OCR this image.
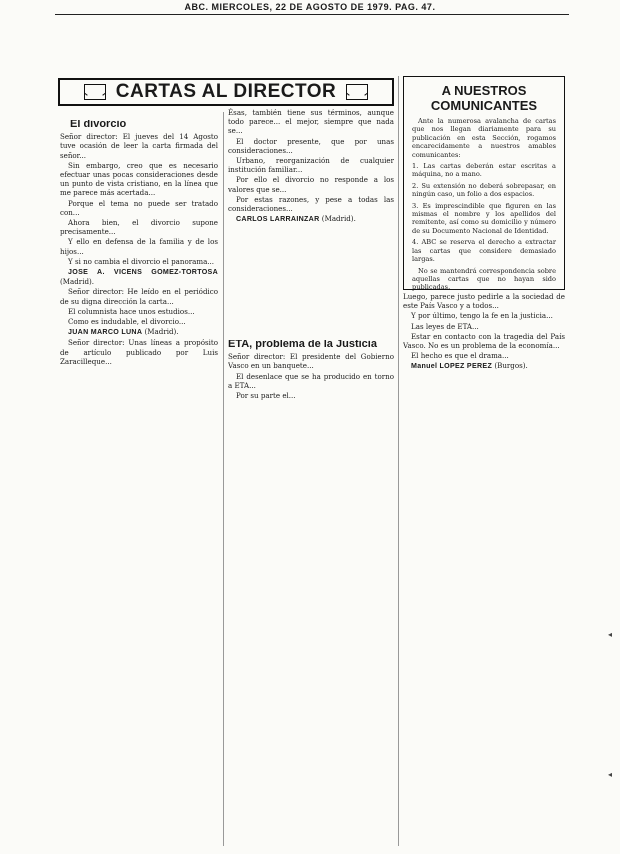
ABC. MIERCOLES, 22 DE AGOSTO DE 1979. PAG. 47.
CARTAS AL DIRECTOR
El divorcio

Señor director: El jueves del 14 Agosto tuve ocasión de leer la carta firmada del señor...

Sin embargo, creo que es necesario efectuar unas pocas consideraciones desde un punto de vista cristiano, en la línea que me parece más acertada...

Porque el tema no puede ser tratado con...

Ahora bien, el divorcio supone precisamente...

Y ello en defensa de la familia y de los hijos...

Y si no cambia el divorcio el panorama...

JOSE A. VICENS GOMEZ-TORTOSA (Madrid).

Señor director: He leído en el periódico de su digna dirección la carta...

El columnista hace unos estudios...

Como es indudable, el divorcio...

JUAN MARCO LUNA (Madrid).

Señor director: Unas líneas a propósito de artículo publicado por Luis Zaracilleque...

Ésas, también tiene sus términos, aunque todo parece... el mejor, siempre que nada se...

El doctor presente, que por unas consideraciones...

Urbano, reorganización de cualquier institución familiar...

Por ello el divorcio no responde a los valores que se...

Por estas razones, y pese a todas las consideraciones...

CARLOS LARRAINZAR (Madrid).

ETA, problema de la Justicia

Señor director: El presidente del Gobierno Vasco en un banquete...

El desenlace que se ha producido en torno a ETA...

Por su parte el...

A NUESTROS COMUNICANTES

Ante la numerosa avalancha de cartas que nos llegan diariamente para su publicación en esta Sección, rogamos encarecidamente a nuestros amables comunicantes:

1. Las cartas deberán estar escritas a máquina, no a mano.
2. Su extensión no deberá sobrepasar, en ningún caso, un folio a dos espacios.
3. Es imprescindible que figuren en las mismas el nombre y los apellidos del remitente, así como su domicilio y número de su Documento Nacional de Identidad.
4. ABC se reserva el derecho a extractar las cartas que considere demasiado largas.
No se mantendrá correspondencia sobre aquellas cartas que no hayan sido publicadas.

Luego, parece justo pedirle a la sociedad de este País Vasco y a todos...

Y por último, tengo la fe en la justicia...

Las leyes de ETA...

Estar en contacto con la tragedia del País Vasco. No es un problema de la economía...

El hecho es que el drama...

Manuel LOPEZ PEREZ (Burgos).

◂
◂
